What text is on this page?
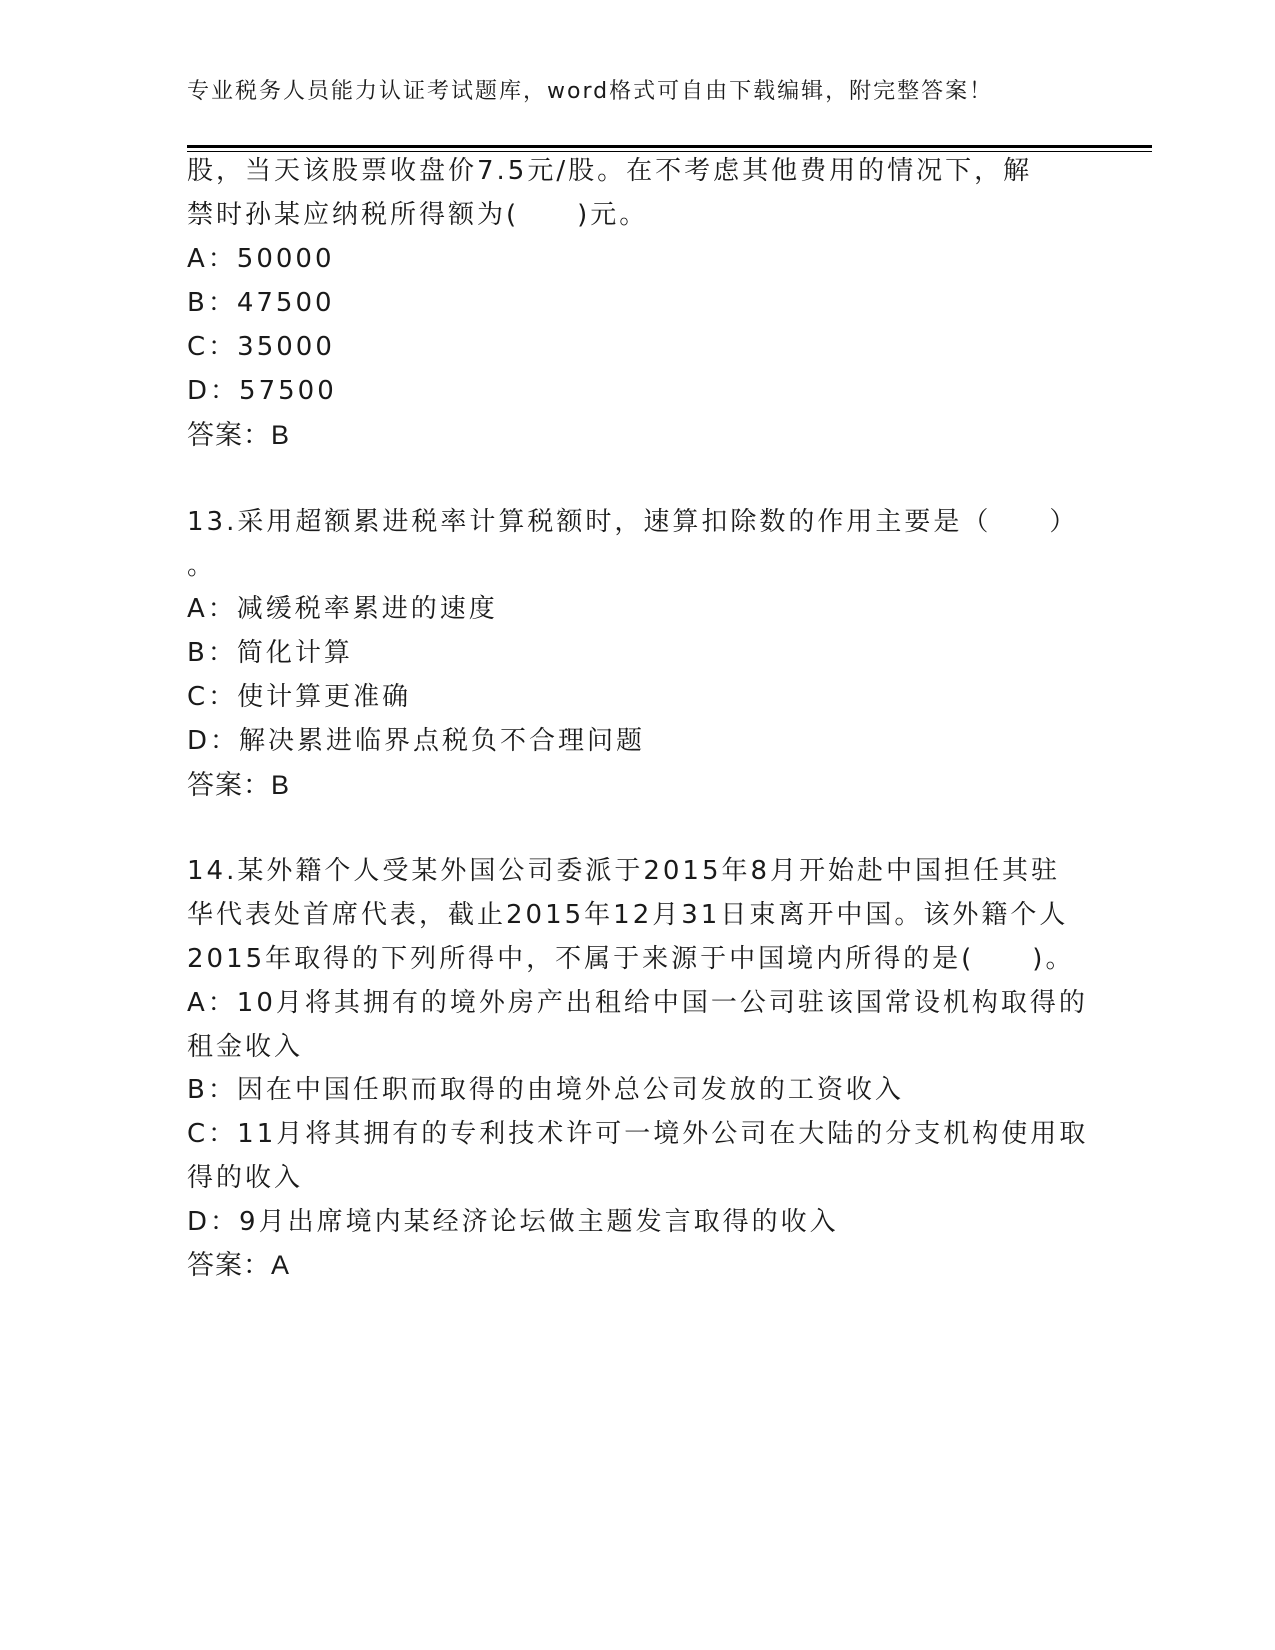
专业税务人员能力认证考试题库，word格式可自由下载编辑，附完整答案！
股，当天该股票收盘价7.5元/股。在不考虑其他费用的情况下，解
禁时孙某应纳税所得额为(　　)元。
A：50000
B：47500
C：35000
D：57500
答案：B
13.采用超额累进税率计算税额时，速算扣除数的作用主要是（　　）
。
A：减缓税率累进的速度
B：简化计算
C：使计算更准确
D：解决累进临界点税负不合理问题
答案：B
14.某外籍个人受某外国公司委派于2015年8月开始赴中国担任其驻
华代表处首席代表，截止2015年12月31日束离开中国。该外籍个人
2015年取得的下列所得中，不属于来源于中国境内所得的是(　　)。
A：10月将其拥有的境外房产出租给中国一公司驻该国常设机构取得的
租金收入
B：因在中国任职而取得的由境外总公司发放的工资收入
C：11月将其拥有的专利技术许可一境外公司在大陆的分支机构使用取
得的收入
D：9月出席境内某经济论坛做主题发言取得的收入
答案：A
